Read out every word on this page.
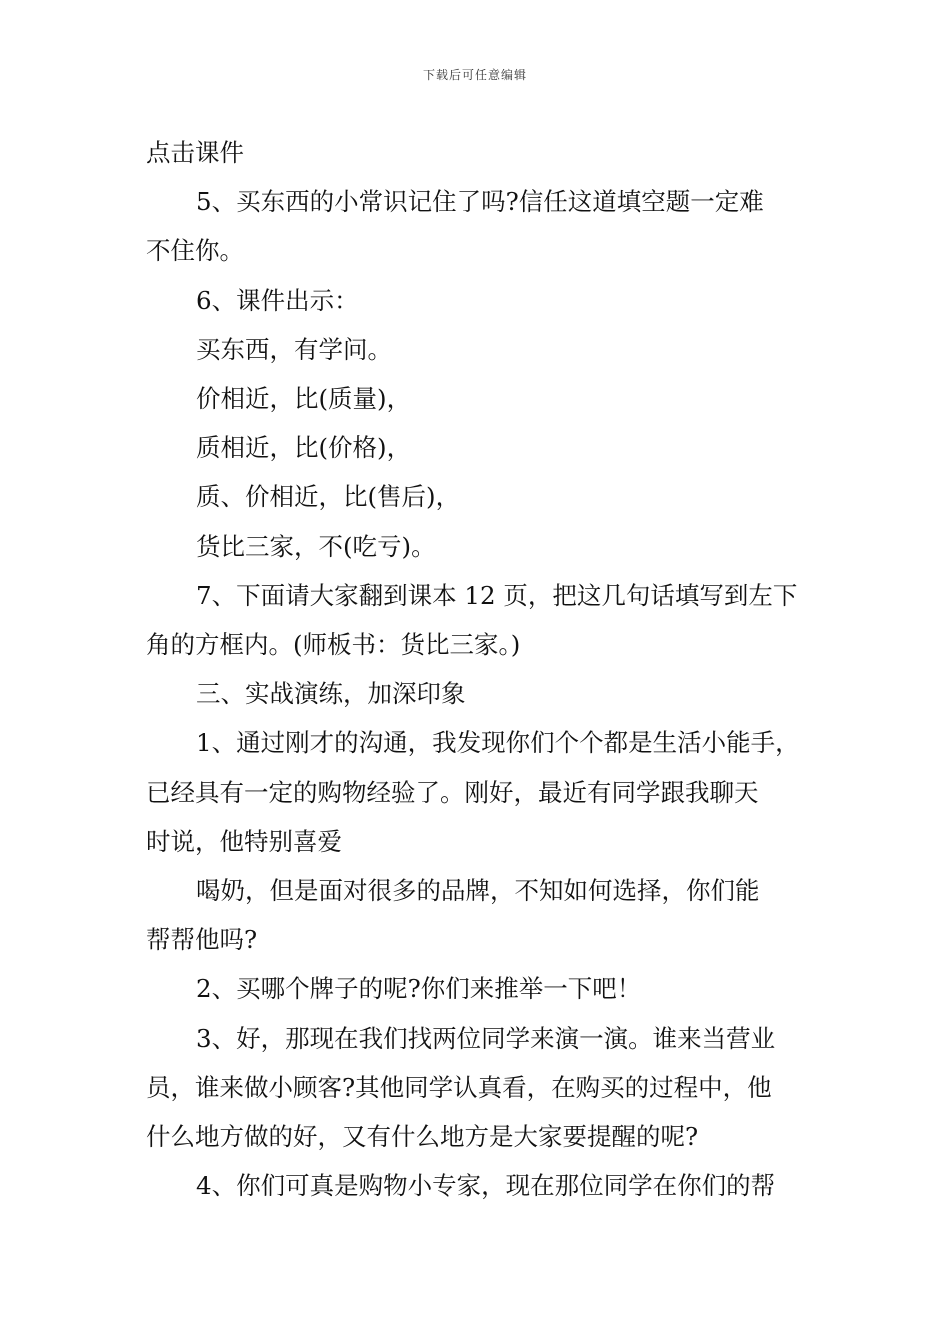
下载后可任意编辑

点击课件

5、买东西的小常识记住了吗?信任这道填空题一定难

不住你。

6、课件出示：

买东西，有学问。

价相近，比(质量)，

质相近，比(价格)，

质、价相近，比(售后)，

货比三家，不(吃亏)。

7、下面请大家翻到课本 12 页，把这几句话填写到左下

角的方框内。(师板书：货比三家。)

三、实战演练，加深印象

1、通过刚才的沟通，我发现你们个个都是生活小能手，

已经具有一定的购物经验了。刚好，最近有同学跟我聊天

时说，他特别喜爱

喝奶，但是面对很多的品牌，不知如何选择，你们能

帮帮他吗?

2、买哪个牌子的呢?你们来推举一下吧！

3、好，那现在我们找两位同学来演一演。谁来当营业

员，谁来做小顾客?其他同学认真看，在购买的过程中，他

什么地方做的好，又有什么地方是大家要提醒的呢?

4、你们可真是购物小专家，现在那位同学在你们的帮
